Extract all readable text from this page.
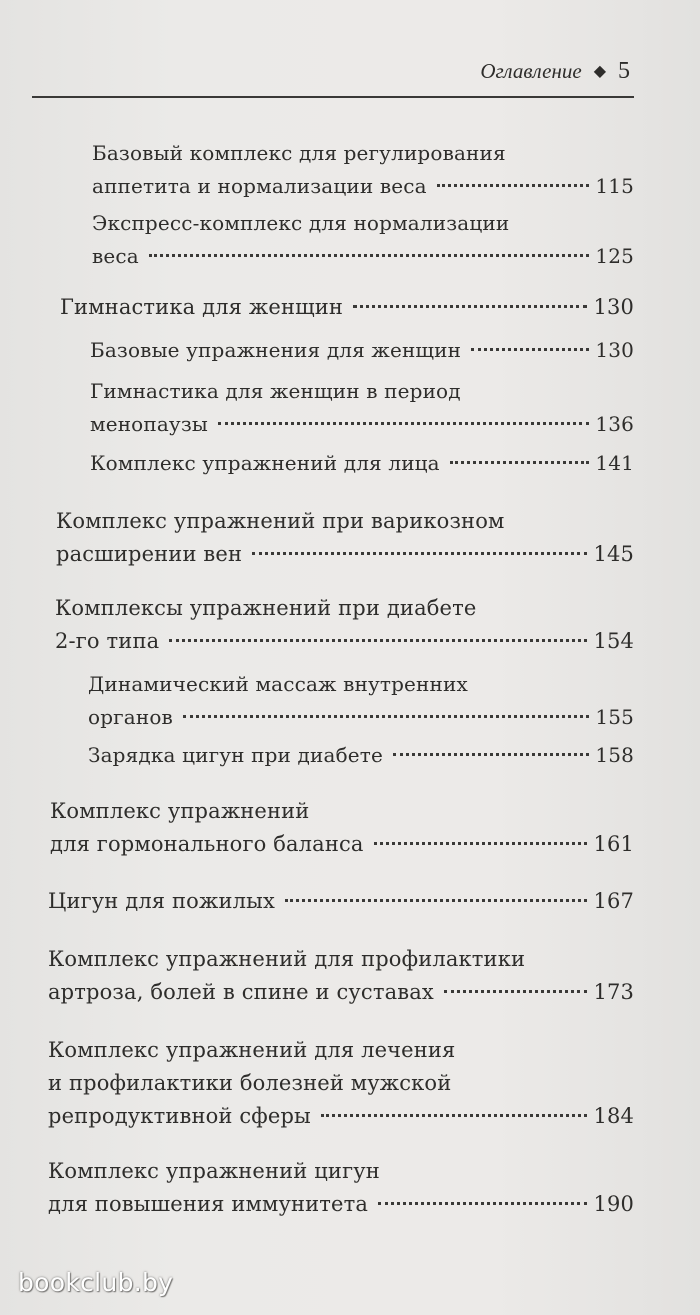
Оглавление ◆ 5
Базовый комплекс для регулирования
аппетита и нормализации веса	115
Экспресс-комплекс для нормализации
веса	125
Гимнастика для женщин	130
Базовые упражнения для женщин	130
Гимнастика для женщин в период
менопаузы	136
Комплекс упражнений для лица	141
Комплекс упражнений при варикозном
расширении вен	145
Комплексы упражнений при диабете
2-го типа	154
Динамический массаж внутренних
органов	155
Зарядка цигун при диабете	158
Комплекс упражнений
для гормонального баланса	161
Цигун для пожилых	167
Комплекс упражнений для профилактики
артроза, болей в спине и суставах	173
Комплекс упражнений для лечения
и профилактики болезней мужской
репродуктивной сферы	184
Комплекс упражнений цигун
для повышения иммунитета	190
bookclub.by
